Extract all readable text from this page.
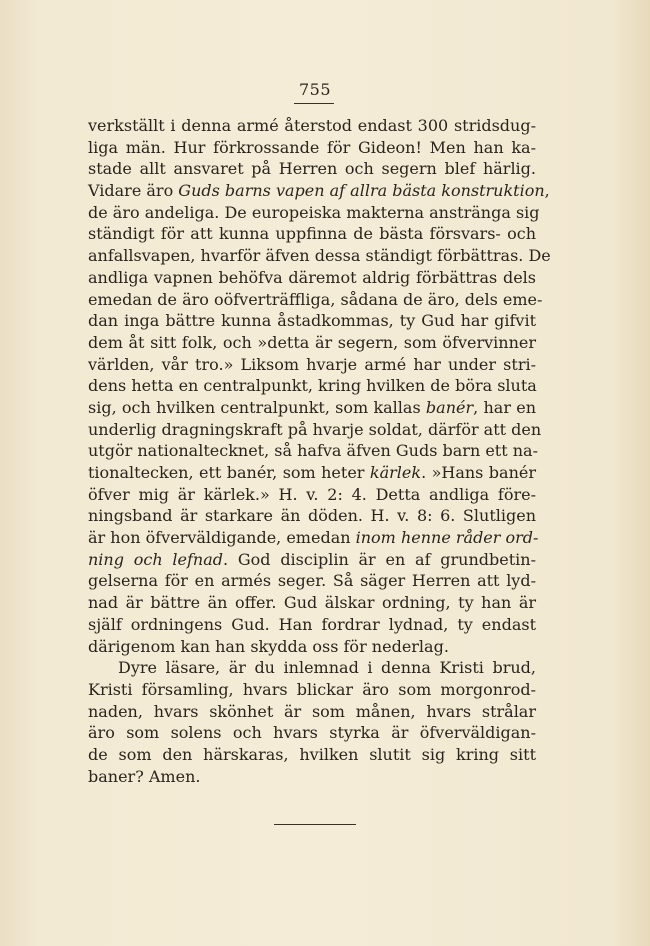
755
verkställt i denna armé återstod endast 300 stridsdug-
liga män. Hur förkrossande för Gideon! Men han ka-
stade allt ansvaret på Herren och segern blef härlig.
Vidare äro Guds barns vapen af allra bästa konstruktion,
de äro andeliga. De europeiska makterna anstränga sig
ständigt för att kunna uppfinna de bästa försvars- och
anfallsvapen, hvarför äfven dessa ständigt förbättras. De
andliga vapnen behöfva däremot aldrig förbättras dels
emedan de äro oöfverträffliga, sådana de äro, dels eme-
dan inga bättre kunna åstadkommas, ty Gud har gifvit
dem åt sitt folk, och »detta är segern, som öfvervinner
världen, vår tro.» Liksom hvarje armé har under stri-
dens hetta en centralpunkt, kring hvilken de böra sluta
sig, och hvilken centralpunkt, som kallas banér, har en
underlig dragningskraft på hvarje soldat, därför att den
utgör nationaltecknet, så hafva äfven Guds barn ett na-
tionaltecken, ett banér, som heter kärlek. »Hans banér
öfver mig är kärlek.» H. v. 2: 4. Detta andliga före-
ningsband är starkare än döden. H. v. 8: 6. Slutligen
är hon öfverväldigande, emedan inom henne råder ord-
ning och lefnad. God disciplin är en af grundbetin-
gelserna för en armés seger. Så säger Herren att lyd-
nad är bättre än offer. Gud älskar ordning, ty han är
själf ordningens Gud. Han fordrar lydnad, ty endast
därigenom kan han skydda oss för nederlag.
Dyre läsare, är du inlemnad i denna Kristi brud,
Kristi församling, hvars blickar äro som morgonrod-
naden, hvars skönhet är som månen, hvars strålar
äro som solens och hvars styrka är öfverväldigan-
de som den härskaras, hvilken slutit sig kring sitt
baner? Amen.
